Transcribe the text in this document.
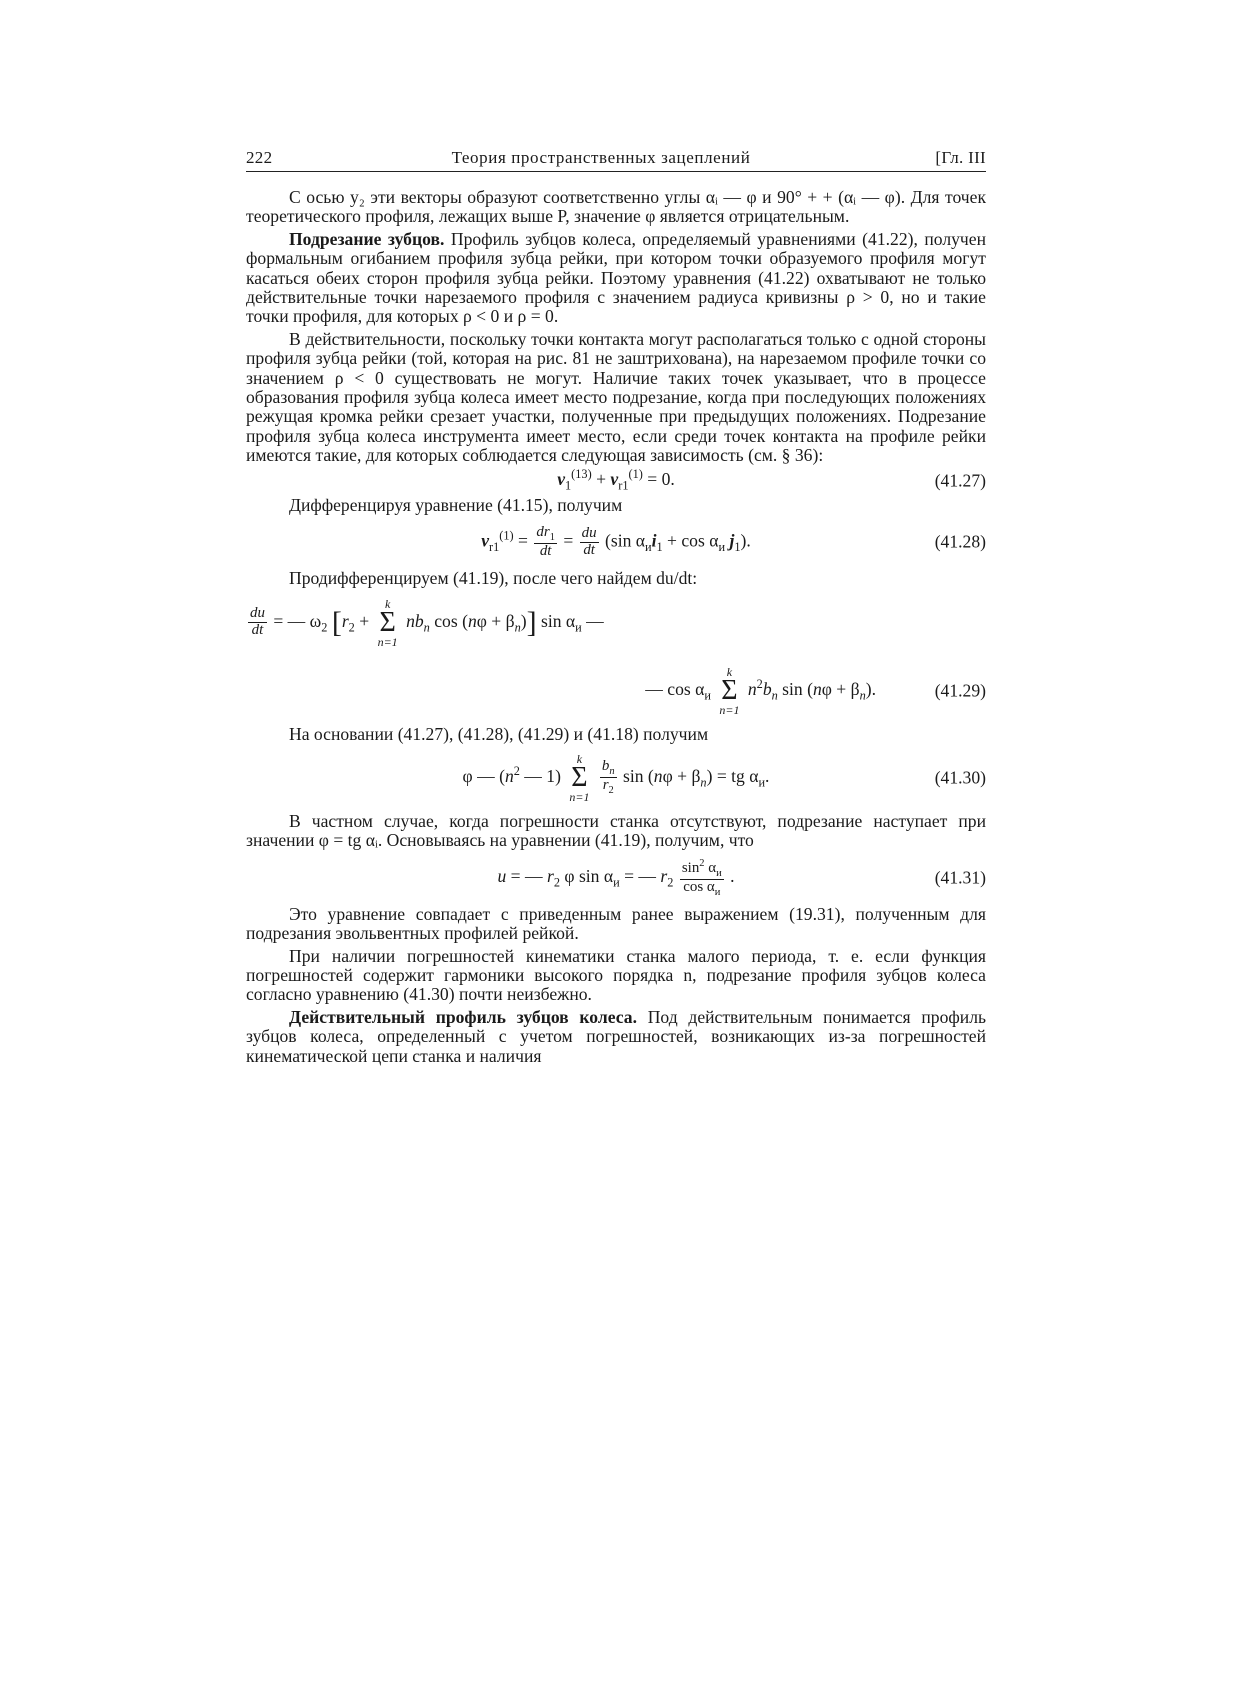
222	Теория пространственных зацеплений	[Гл. III

С осью y₂ эти векторы образуют соответственно углы αᵢ — φ и 90° + + (αᵢ — φ). Для точек теоретического профиля, лежащих выше P, значение φ является отрицательным.

Подрезание зубцов. Профиль зубцов колеса, определяемый уравнениями (41.22), получен формальным огибанием профиля зубца рейки, при котором точки образуемого профиля могут касаться обеих сторон профиля зубца рейки. Поэтому уравнения (41.22) охватывают не только действительные точки нарезаемого профиля с значением радиуса кривизны ρ > 0, но и такие точки профиля, для которых ρ < 0 и ρ = 0.

В действительности, поскольку точки контакта могут располагаться только с одной стороны профиля зубца рейки (той, которая на рис. 81 не заштрихована), на нарезаемом профиле точки со значением ρ < 0 существовать не могут. Наличие таких точек указывает, что в процессе образования профиля зубца колеса имеет место подрезание, когда при последующих положениях режущая кромка рейки срезает участки, полученные при предыдущих положениях. Подрезание профиля зубца колеса инструмента имеет место, если среди точек контакта на профиле рейки имеются такие, для которых соблюдается следующая зависимость (см. § 36):

$v_1^{(13)} + v_{r1}^{(1)} = 0$.	(41.27)

Дифференцируя уравнение (41.15), получим

$v_{r1}^{(1)} = \frac{dr_1}{dt} = \frac{du}{dt} (\sin$ $\alpha_иi_1 + \cos \alpha_и$ $j_1$).	(41.28)

Продифференцируем (41.19), после чего найдем du/dt:

$\frac{du}{dt}$ = — $\omega_2$ [$r_2$ +
k
Σ
n=1
$nb_n$ $\cos (n\varphi + \beta_n)$] $\sin \alpha_и$ —
— $\cos \alpha_и$
k
Σ
n=1
$n^2b_n$ $\sin (n\varphi + \beta_n)$.	(41.29)

На основании (41.27), (41.28), (41.29) и (41.18) получим

φ — ($n^2$ — 1)
k
Σ
n=1

$\frac{b_n}{r_2}$ $\sin (n\varphi + \beta_n)$ = tg $\alpha_и$.	(41.30)

В частном случае, когда погрешности станка отсутствуют, подрезание наступает при значении φ = tg αᵢ. Основываясь на уравнении (41.19), получим, что

u = — $r_2$ φ $\sin \alpha_и$ = — $r_2 \frac{\sin^2 \alpha_и}{\cos \alpha_и}$ .	(41.31)

Это уравнение совпадает с приведенным ранее выражением (19.31), полученным для подрезания эвольвентных профилей рейкой.

При наличии погрешностей кинематики станка малого периода, т. е. если функция погрешностей содержит гармоники высокого порядка n, подрезание профиля зубцов колеса согласно уравнению (41.30) почти неизбежно.

Действительный профиль зубцов колеса. Под действительным понимается профиль зубцов колеса, определенный с учетом погрешностей, возникающих из-за погрешностей кинематической цепи станка и наличия
